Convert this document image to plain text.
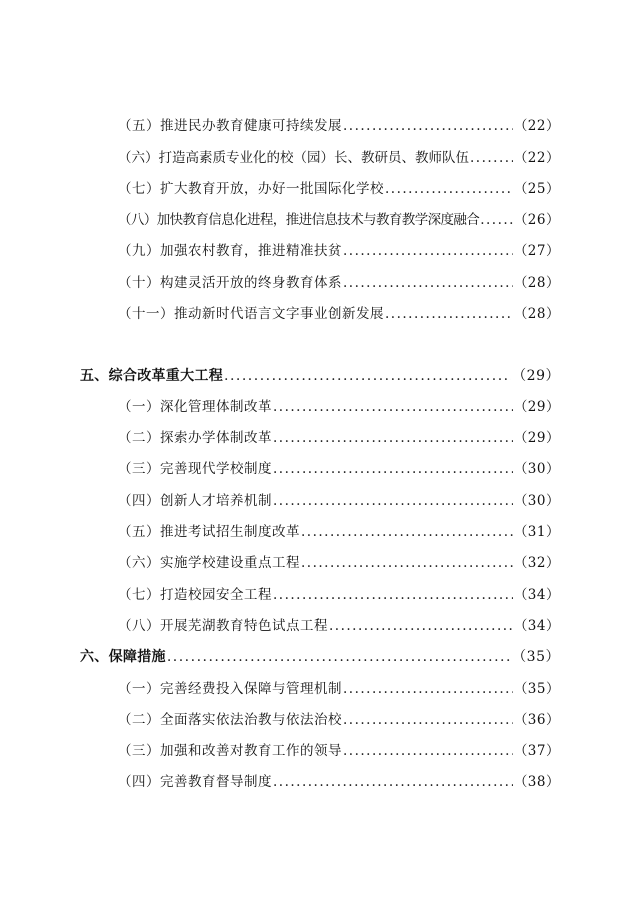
（五）推进民办教育健康可持续发展 .....	（22）
（六）打造高素质专业化的校（园）长、教研员、教师队伍 .....	（22）
（七）扩大教育开放，办好一批国际化学校 .....	（25）
（八）加快教育信息化进程，推进信息技术与教育教学深度融合 .....	（26）
（九）加强农村教育，推进精准扶贫 .....	（27）
（十）构建灵活开放的终身教育体系 .....	（28）
（十一）推动新时代语言文字事业创新发展 .....	（28）
五、综合改革重大工程 .....	（29）
（一）深化管理体制改革 .....	（29）
（二）探索办学体制改革 .....	（29）
（三）完善现代学校制度 .....	（30）
（四）创新人才培养机制 .....	（30）
（五）推进考试招生制度改革 .....	（31）
（六）实施学校建设重点工程 .....	（32）
（七）打造校园安全工程 .....	（34）
（八）开展芜湖教育特色试点工程 .....	（34）
六、保障措施 .....	（35）
（一）完善经费投入保障与管理机制 .....	（35）
（二）全面落实依法治教与依法治校 .....	（36）
（三）加强和改善对教育工作的领导 .....	（37）
（四）完善教育督导制度 .....	（38）
